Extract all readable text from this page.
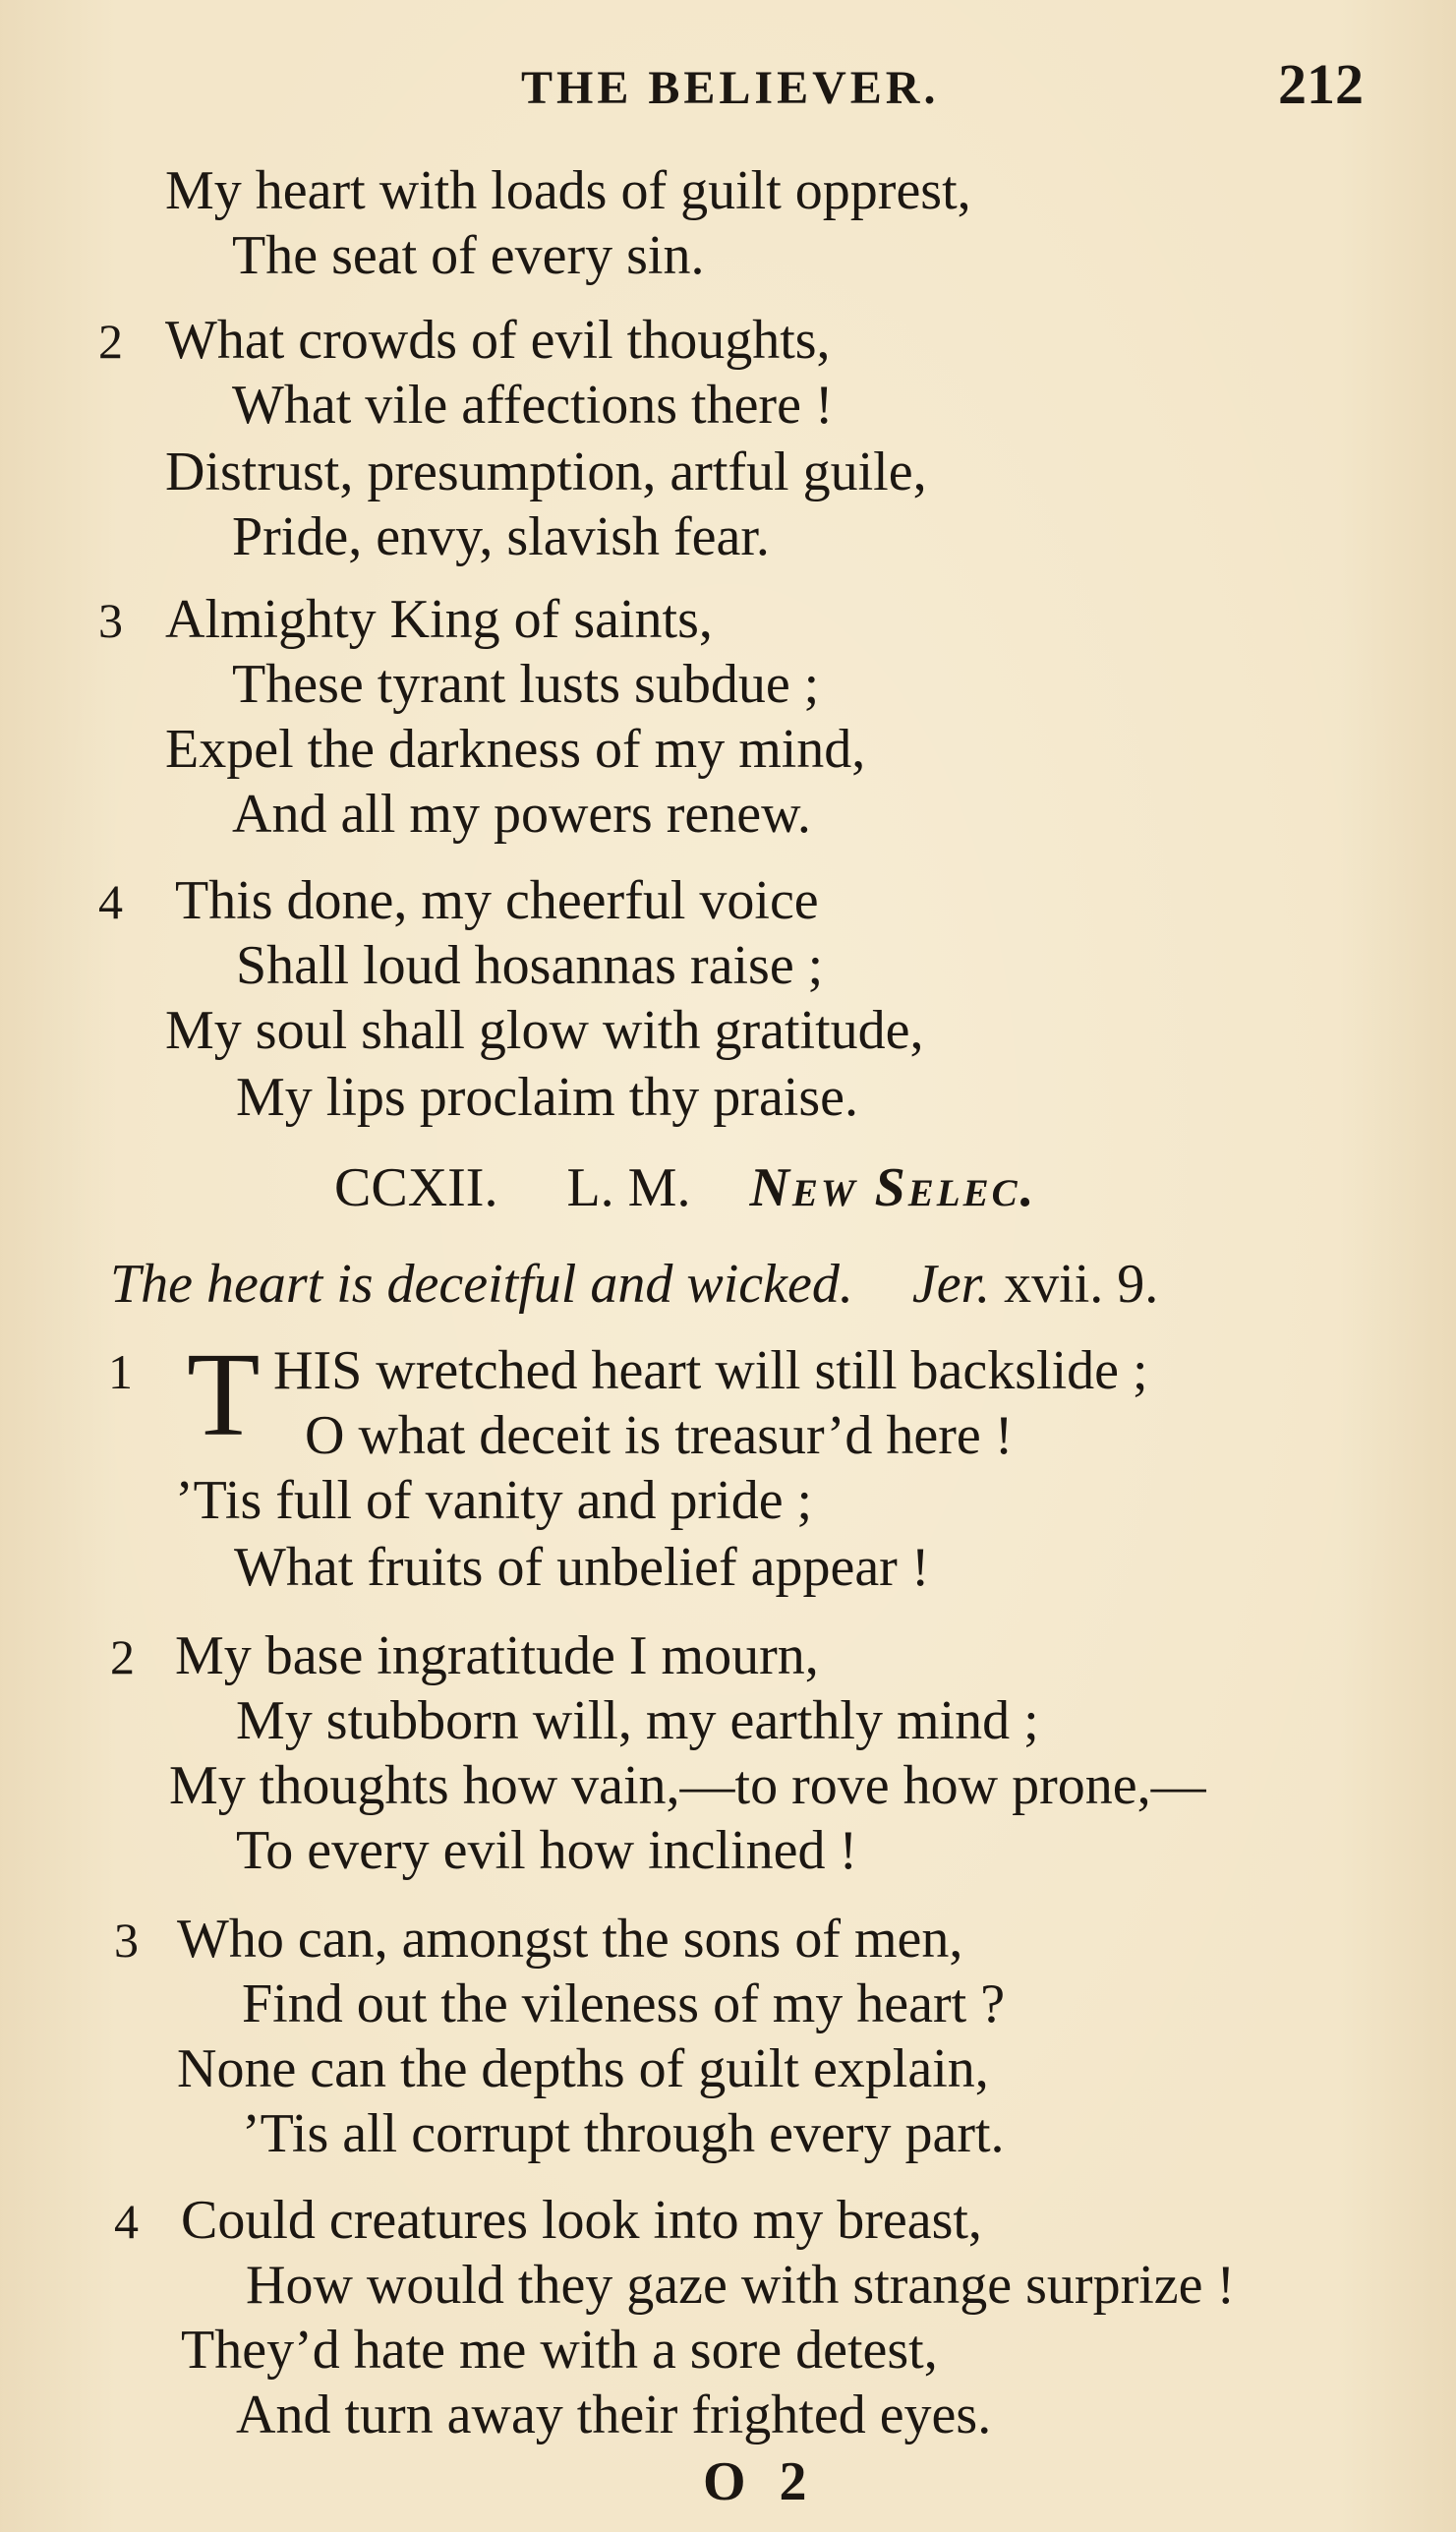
THE BELIEVER.	212
My heart with loads of guilt opprest,
The seat of every sin.
2 What crowds of evil thoughts,
What vile affections there !
Distrust, presumption, artful guile,
Pride, envy, slavish fear.
3 Almighty King of saints,
These tyrant lusts subdue ;
Expel the darkness of my mind,
And all my powers renew.
4 This done, my cheerful voice
Shall loud hosannas raise ;
My soul shall glow with gratitude,
My lips proclaim thy praise.
CCXII. L. M. New Selec.
The heart is deceitful and wicked. Jer. xvii. 9.
1 T HIS wretched heart will still backslide ;
O what deceit is treasur’d here !
’Tis full of vanity and pride ;
What fruits of unbelief appear !
2 My base ingratitude I mourn,
My stubborn will, my earthly mind ;
My thoughts how vain,—to rove how prone,—
To every evil how inclined !
3 Who can, amongst the sons of men,
Find out the vileness of my heart ?
None can the depths of guilt explain,
’Tis all corrupt through every part.
4 Could creatures look into my breast,
How would they gaze with strange surprize !
They’d hate me with a sore detest,
And turn away their frighted eyes.
O 2
